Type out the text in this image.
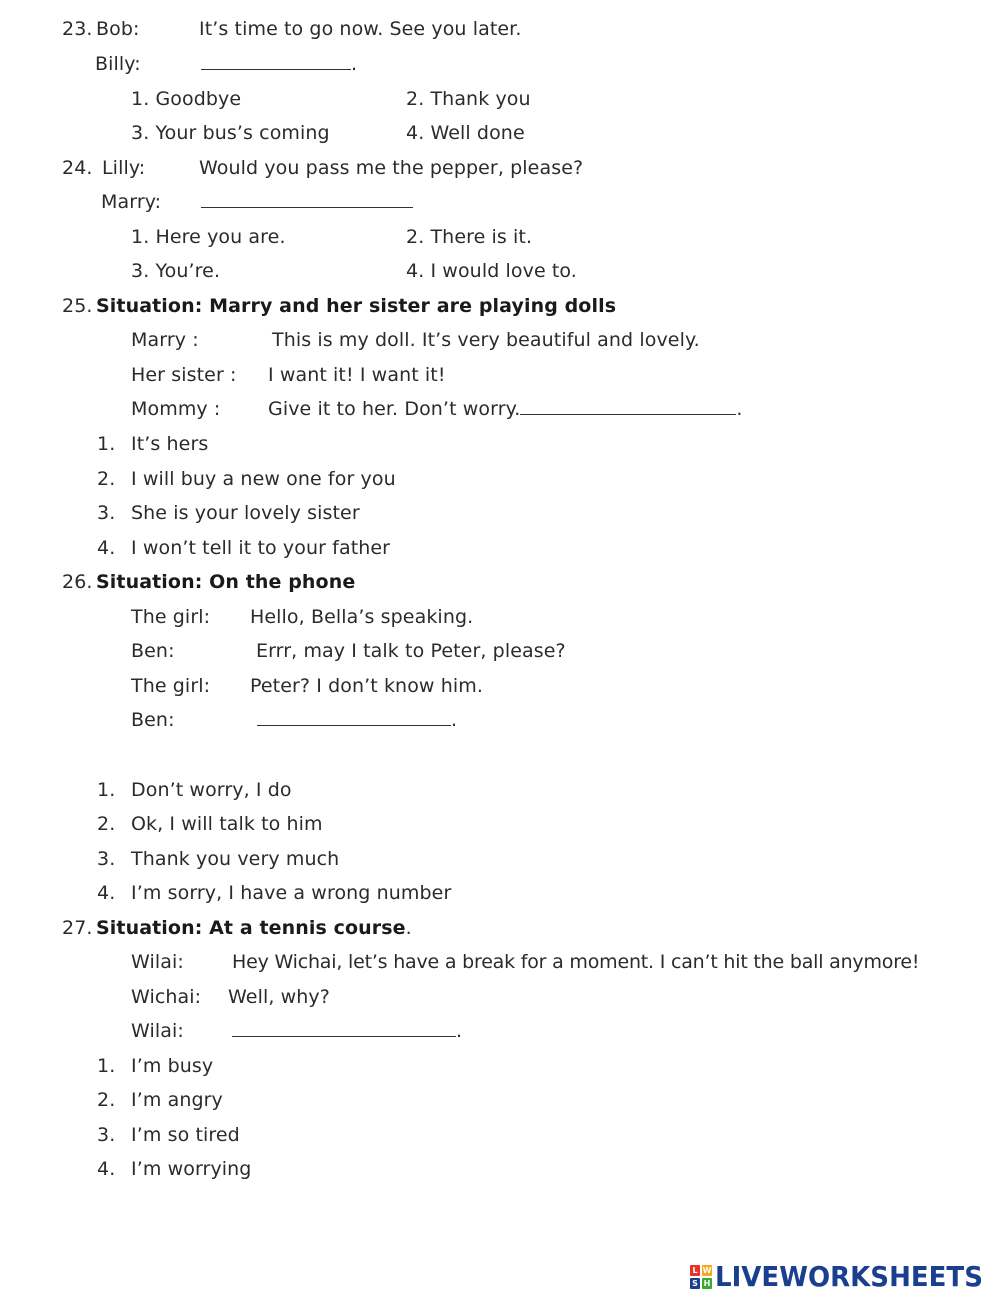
23. Bob:	It’s time to go now. See you later.
Billy:	.
1. Goodbye	2. Thank you
3. Your bus’s coming	4. Well done
24. Lilly:	Would you pass me the pepper, please?
Marry:
1. Here you are.	2. There is it.
3. You’re.	4. I would love to.
25. Situation: Marry and her sister are playing dolls
Marry :	This is my doll. It’s very beautiful and lovely.
Her sister : I want it! I want it!
Mommy :	Give it to her. Don’t worry.	.
1. It’s hers
2. I will buy a new one for you
3. She is your lovely sister
4. I won’t tell it to your father
26. Situation: On the phone
The girl: Hello, Bella’s speaking.
Ben:	Errr, may I talk to Peter, please?
The girl: Peter? I don’t know him.
Ben:	.
1. Don’t worry, I do
2. Ok, I will talk to him
3. Thank you very much
4. I’m sorry, I have a wrong number
27. Situation: At a tennis course.
Wilai:	Hey Wichai, let’s have a break for a moment. I can’t hit the ball anymore!
Wichai: Well, why?
Wilai:	.
1. I’m busy
2. I’m angry
3. I’m so tired
4. I’m worrying
L W
S H LIVEWORKSHEETS
